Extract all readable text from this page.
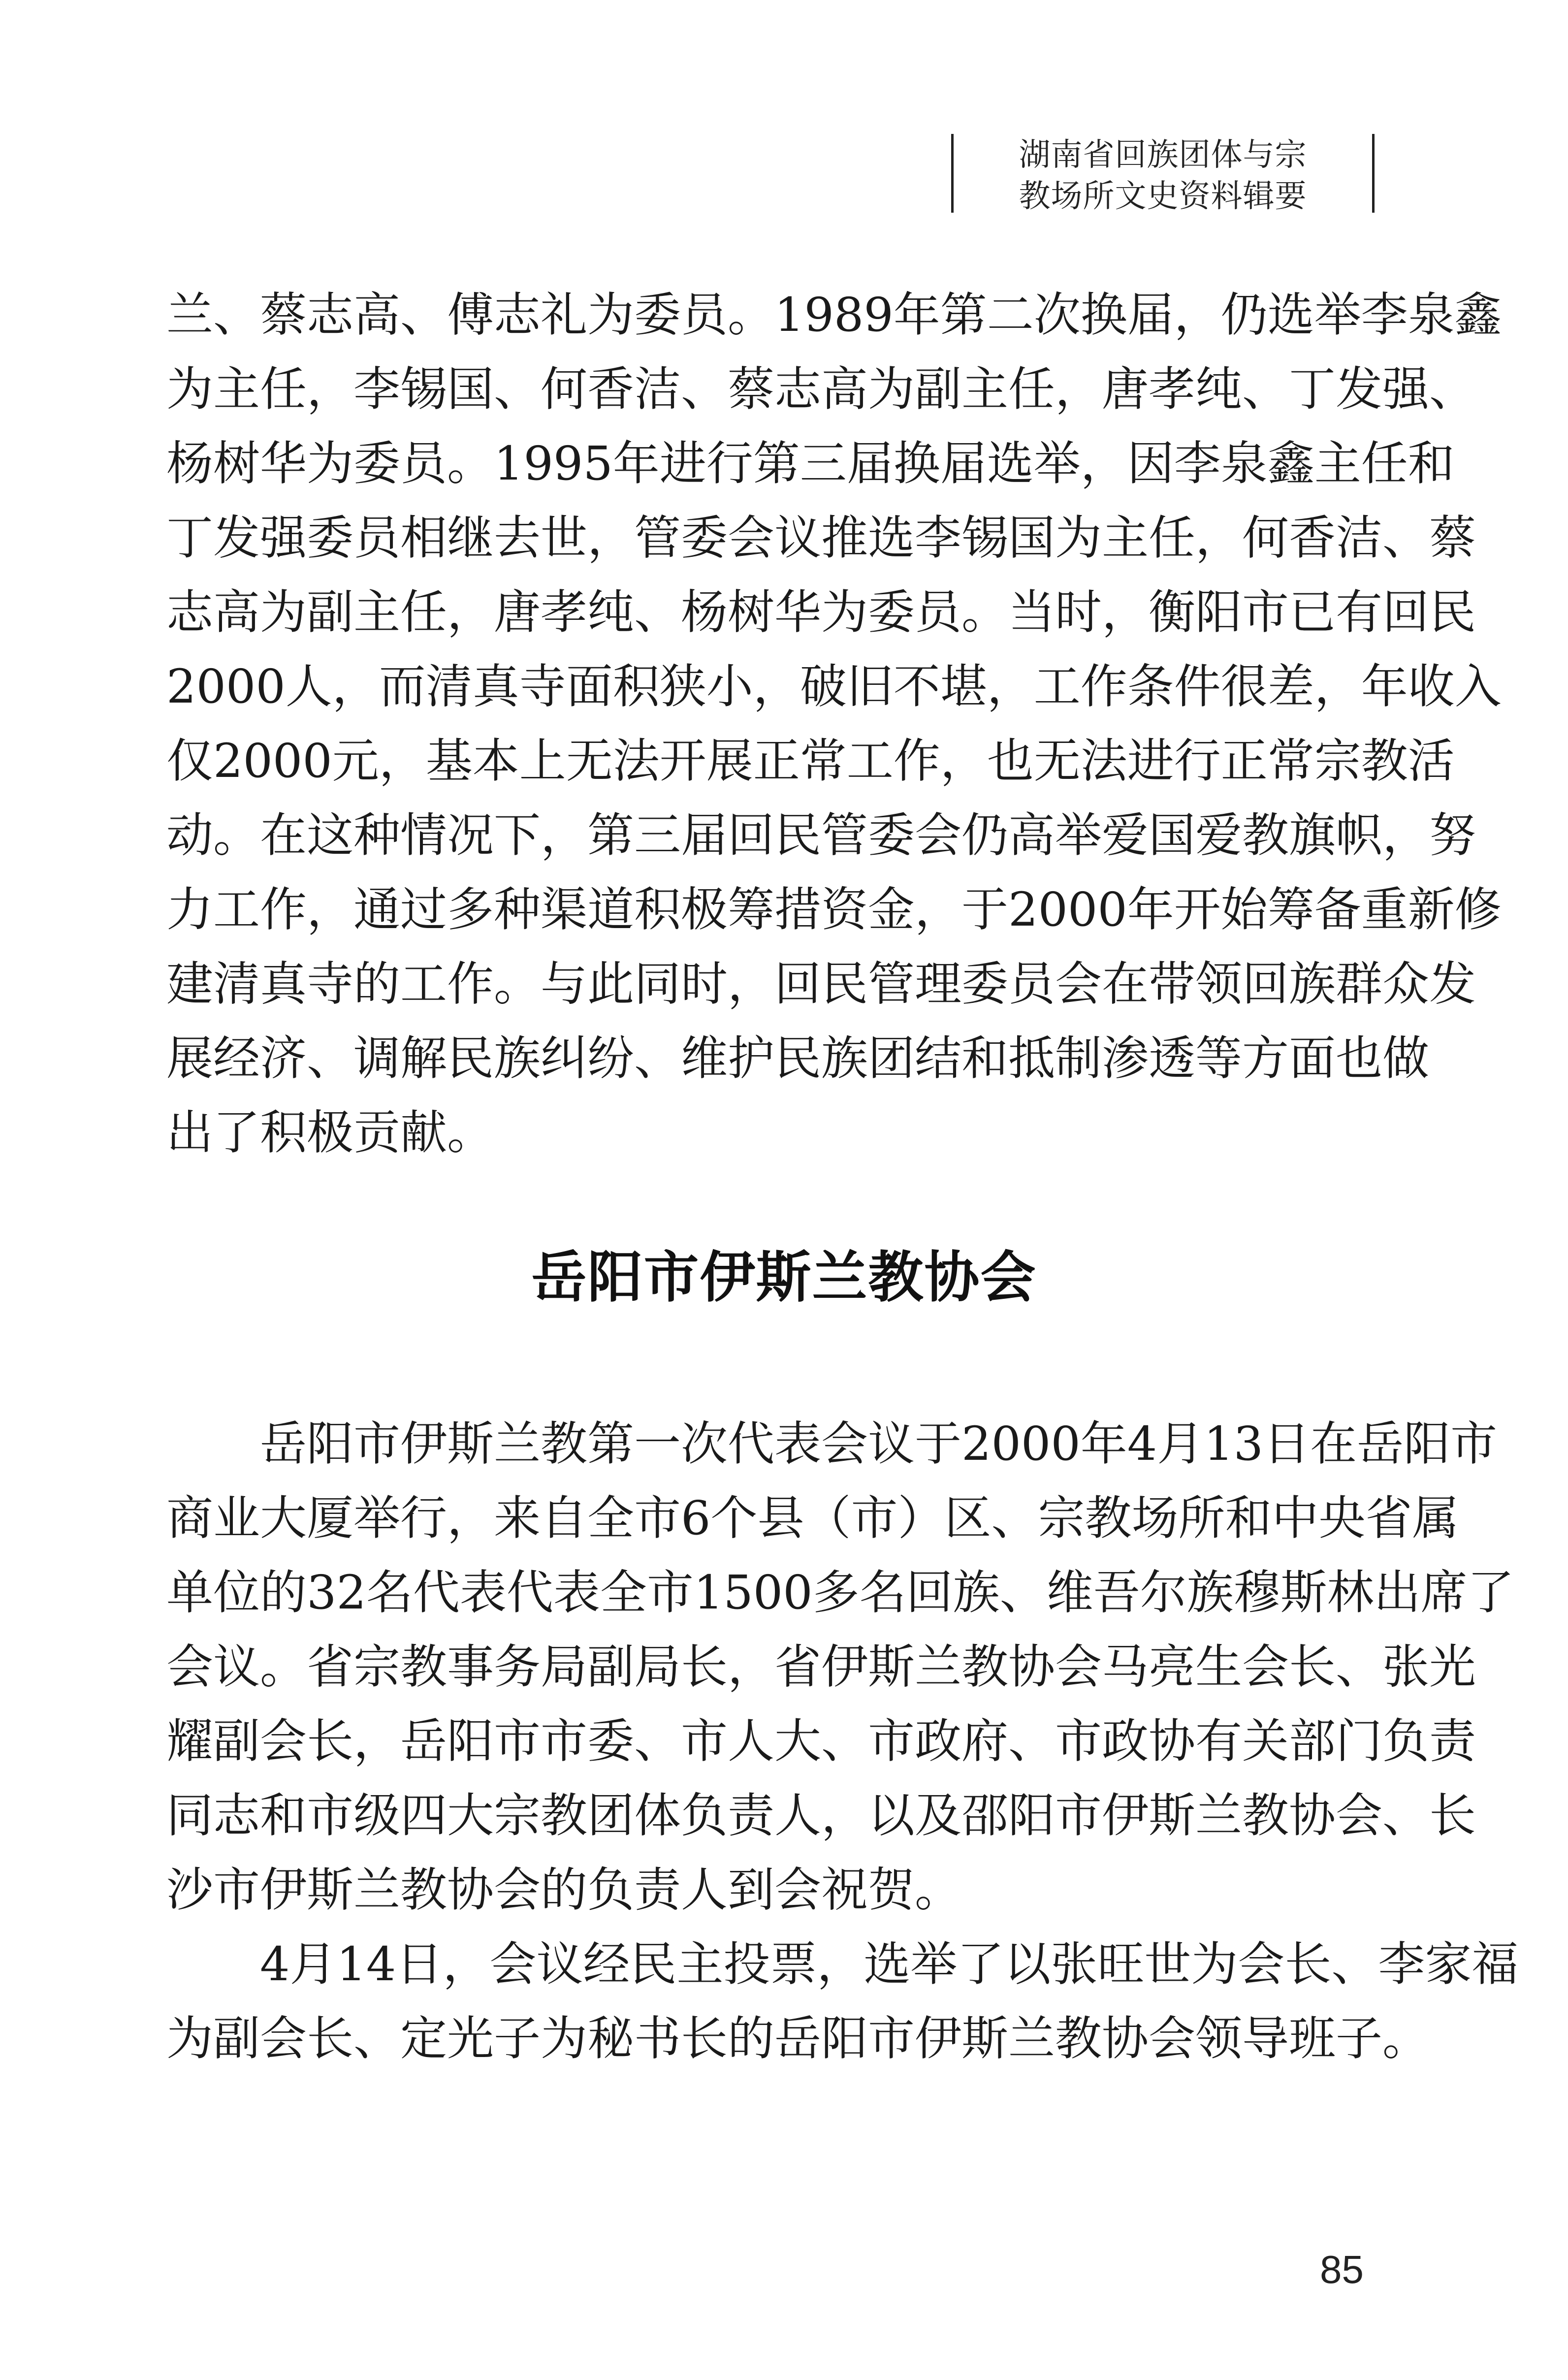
湖南省回族团体与宗
教场所文史资料辑要
兰、蔡志高、傅志礼为委员。1989年第二次换届，仍选举李泉鑫
为主任，李锡国、何香洁、蔡志高为副主任，唐孝纯、丁发强、
杨树华为委员。1995年进行第三届换届选举，因李泉鑫主任和
丁发强委员相继去世，管委会议推选李锡国为主任，何香洁、蔡
志高为副主任，唐孝纯、杨树华为委员。当时，衡阳市已有回民
2000人，而清真寺面积狭小，破旧不堪，工作条件很差，年收入
仅2000元，基本上无法开展正常工作，也无法进行正常宗教活
动。在这种情况下，第三届回民管委会仍高举爱国爱教旗帜，努
力工作，通过多种渠道积极筹措资金，于2000年开始筹备重新修
建清真寺的工作。与此同时，回民管理委员会在带领回族群众发
展经济、调解民族纠纷、维护民族团结和抵制渗透等方面也做
出了积极贡献。
岳阳市伊斯兰教协会
岳阳市伊斯兰教第一次代表会议于2000年4月13日在岳阳市
商业大厦举行，来自全市6个县（市）区、宗教场所和中央省属
单位的32名代表代表全市1500多名回族、维吾尔族穆斯林出席了
会议。省宗教事务局副局长，省伊斯兰教协会马亮生会长、张光
耀副会长，岳阳市市委、市人大、市政府、市政协有关部门负责
同志和市级四大宗教团体负责人，以及邵阳市伊斯兰教协会、长
沙市伊斯兰教协会的负责人到会祝贺。
4月14日，会议经民主投票，选举了以张旺世为会长、李家福
为副会长、定光子为秘书长的岳阳市伊斯兰教协会领导班子。
85
